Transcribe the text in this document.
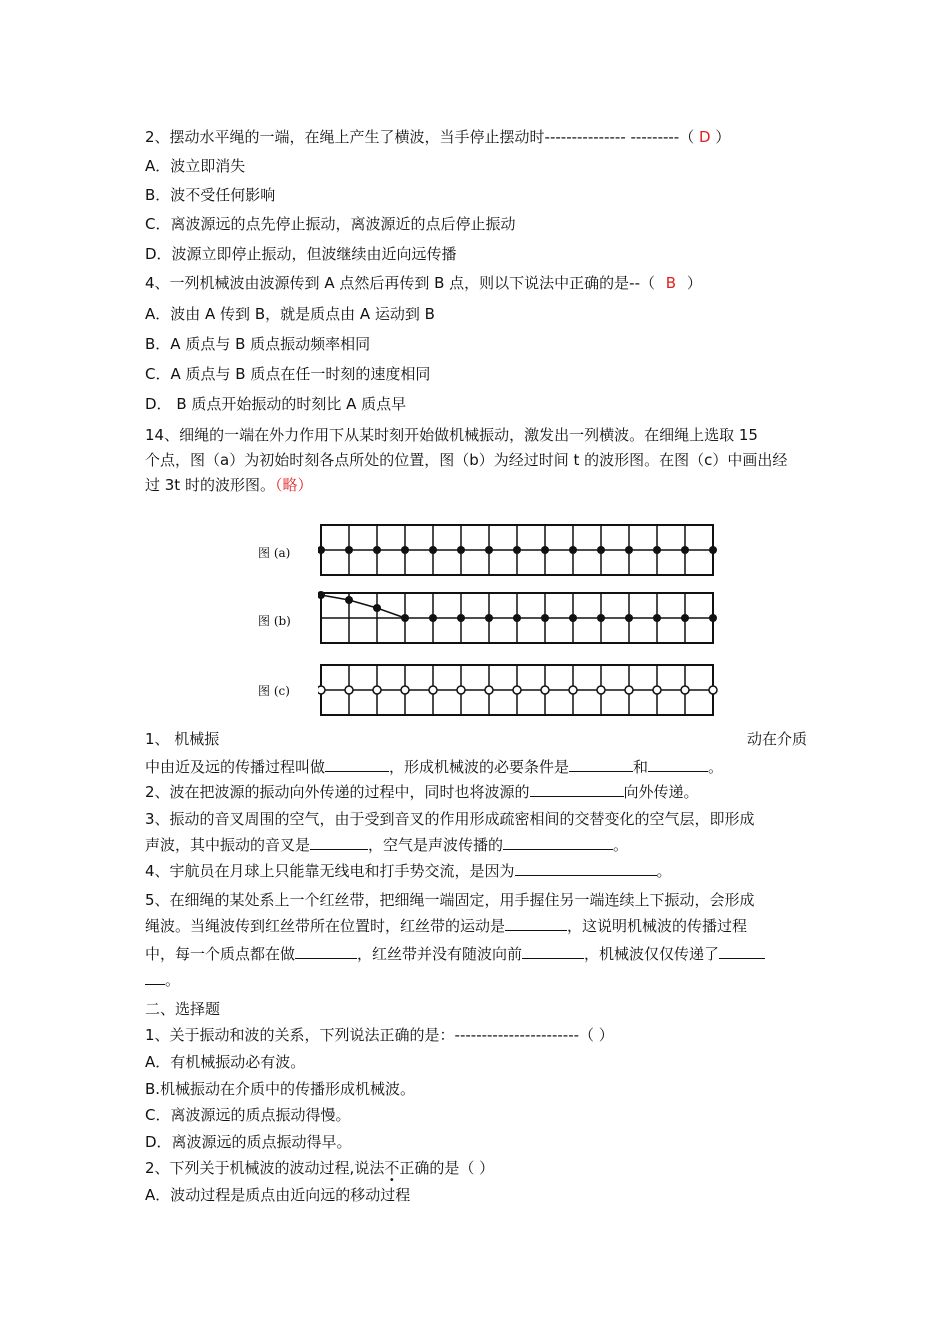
2、摆动水平绳的一端，在绳上产生了横波，当手停止摆动时--------------- ---------（ D ）
A．波立即消失
B．波不受任何影响
C．离波源远的点先停止振动，离波源近的点后停止振动
D．波源立即停止振动，但波继续由近向远传播
4、一列机械波由波源传到 A 点然后再传到 B 点，则以下说法中正确的是--（ B ）
A．波由 A 传到 B，就是质点由 A 运动到 B
B．A 质点与 B 质点振动频率相同
C．A 质点与 B 质点在任一时刻的速度相同
D． B 质点开始振动的时刻比 A 质点早
14、细绳的一端在外力作用下从某时刻开始做机械振动，激发出一列横波。在细绳上选取 15
个点，图（a）为初始时刻各点所处的位置，图（b）为经过时间 t 的波形图。在图（c）中画出经
过 3t 时的波形图。（略）
图 (a)
图 (b)
图 (c)
1、 机械振	动在介质
中由近及远的传播过程叫做	，形成机械波的必要条件是	和	。
2、波在把波源的振动向外传递的过程中，同时也将波源的	向外传递。
3、振动的音叉周围的空气，由于受到音叉的作用形成疏密相间的交替变化的空气层，即形成
声波，其中振动的音叉是	，空气是声波传播的	。
4、宇航员在月球上只能靠无线电和打手势交流，是因为	。
5、在细绳的某处系上一个红丝带，把细绳一端固定，用手握住另一端连续上下振动，会形成
绳波。当绳波传到红丝带所在位置时，红丝带的运动是	，这说明机械波的传播过程
中，每一个质点都在做	，红丝带并没有随波向前	，机械波仅仅传递了
。
二、选择题
1、关于振动和波的关系，下列说法正确的是：-----------------------（ ）
A．有机械振动必有波。
B.机械振动在介质中的传播形成机械波。
C．离波源远的质点振动得慢。
D．离波源远的质点振动得早。
2、下列关于机械波的波动过程,说法不正确的是（ ）
A．波动过程是质点由近向远的移动过程
